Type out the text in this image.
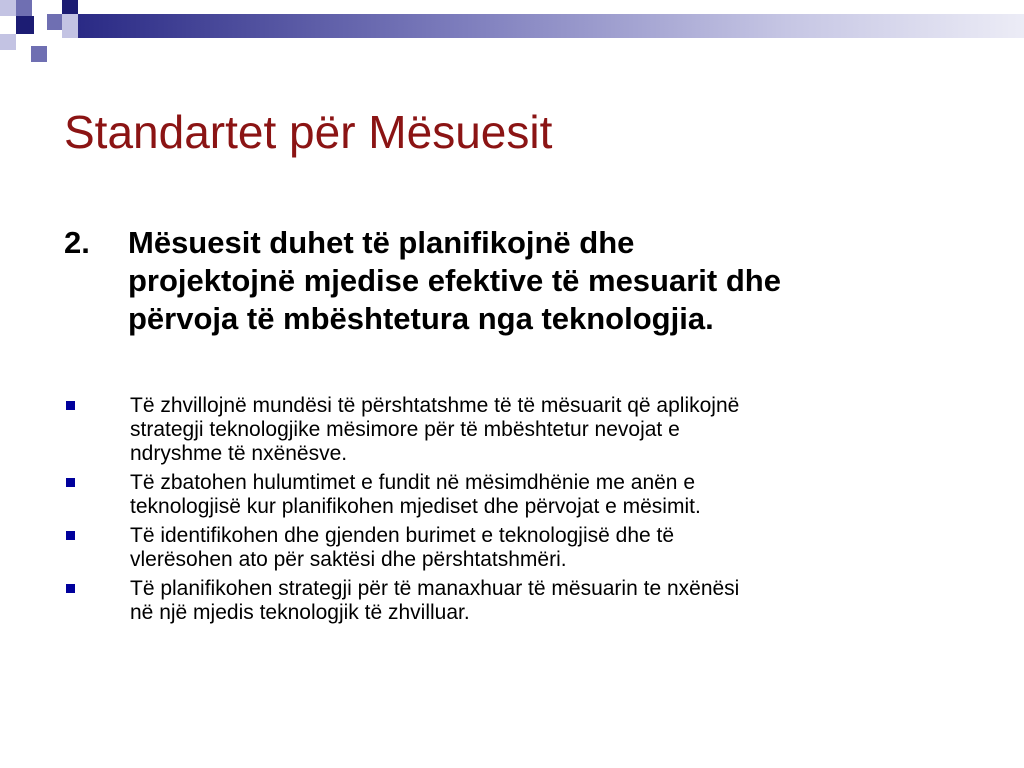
Standartet për Mësuesit
2. Mësuesit duhet të planifikojnë dhe
projektojnë mjedise efektive të mesuarit dhe
përvoja të mbështetura nga teknologjia.
Të zhvillojnë mundësi të përshtatshme të të mësuarit që aplikojnë
strategji teknologjike mësimore për të mbështetur nevojat e
ndryshme të nxënësve.
Të zbatohen hulumtimet e fundit në mësimdhënie me anën e
teknologjisë kur planifikohen mjediset dhe përvojat e mësimit.
Të identifikohen dhe gjenden burimet e teknologjisë dhe të
vlerësohen ato për saktësi dhe përshtatshmëri.
Të planifikohen strategji për të manaxhuar të mësuarin te nxënësi
në një mjedis teknologjik të zhvilluar.
